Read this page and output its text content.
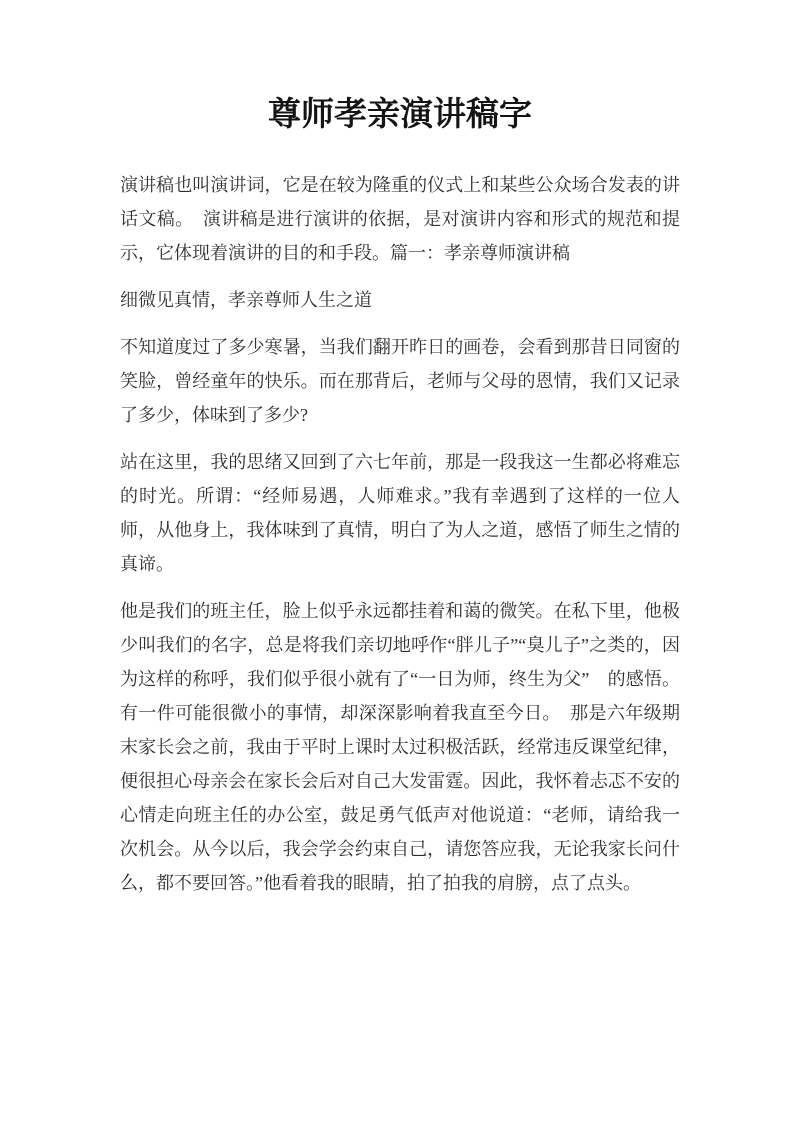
尊师孝亲演讲稿字

演讲稿也叫演讲词，它是在较为隆重的仪式上和某些公众场合发表的讲话文稿。　演讲稿是进行演讲的依据，是对演讲内容和形式的规范和提示，它体现着演讲的目的和手段。篇一：孝亲尊师演讲稿

细微见真情，孝亲尊师人生之道

不知道度过了多少寒暑，当我们翻开昨日的画卷，会看到那昔日同窗的笑脸，曾经童年的快乐。而在那背后，老师与父母的恩情，我们又记录了多少，体味到了多少?

站在这里，我的思绪又回到了六七年前，那是一段我这一生都必将难忘的时光。所谓：“经师易遇，人师难求。”我有幸遇到了这样的一位人师，从他身上，我体味到了真情，明白了为人之道，感悟了师生之情的真谛。

他是我们的班主任，脸上似乎永远都挂着和蔼的微笑。在私下里，他极少叫我们的名字，总是将我们亲切地呼作“胖儿子”“臭儿子”之类的，因为这样的称呼，我们似乎很小就有了“一日为师，终生为父”　的感悟。有一件可能很微小的事情，却深深影响着我直至今日。　那是六年级期末家长会之前，我由于平时上课时太过积极活跃，经常违反课堂纪律，便很担心母亲会在家长会后对自己大发雷霆。因此，我怀着忐忑不安的心情走向班主任的办公室，鼓足勇气低声对他说道：“老师，请给我一次机会。从今以后，我会学会约束自己，请您答应我，无论我家长问什么，都不要回答。”他看着我的眼睛，拍了拍我的肩膀，点了点头。
